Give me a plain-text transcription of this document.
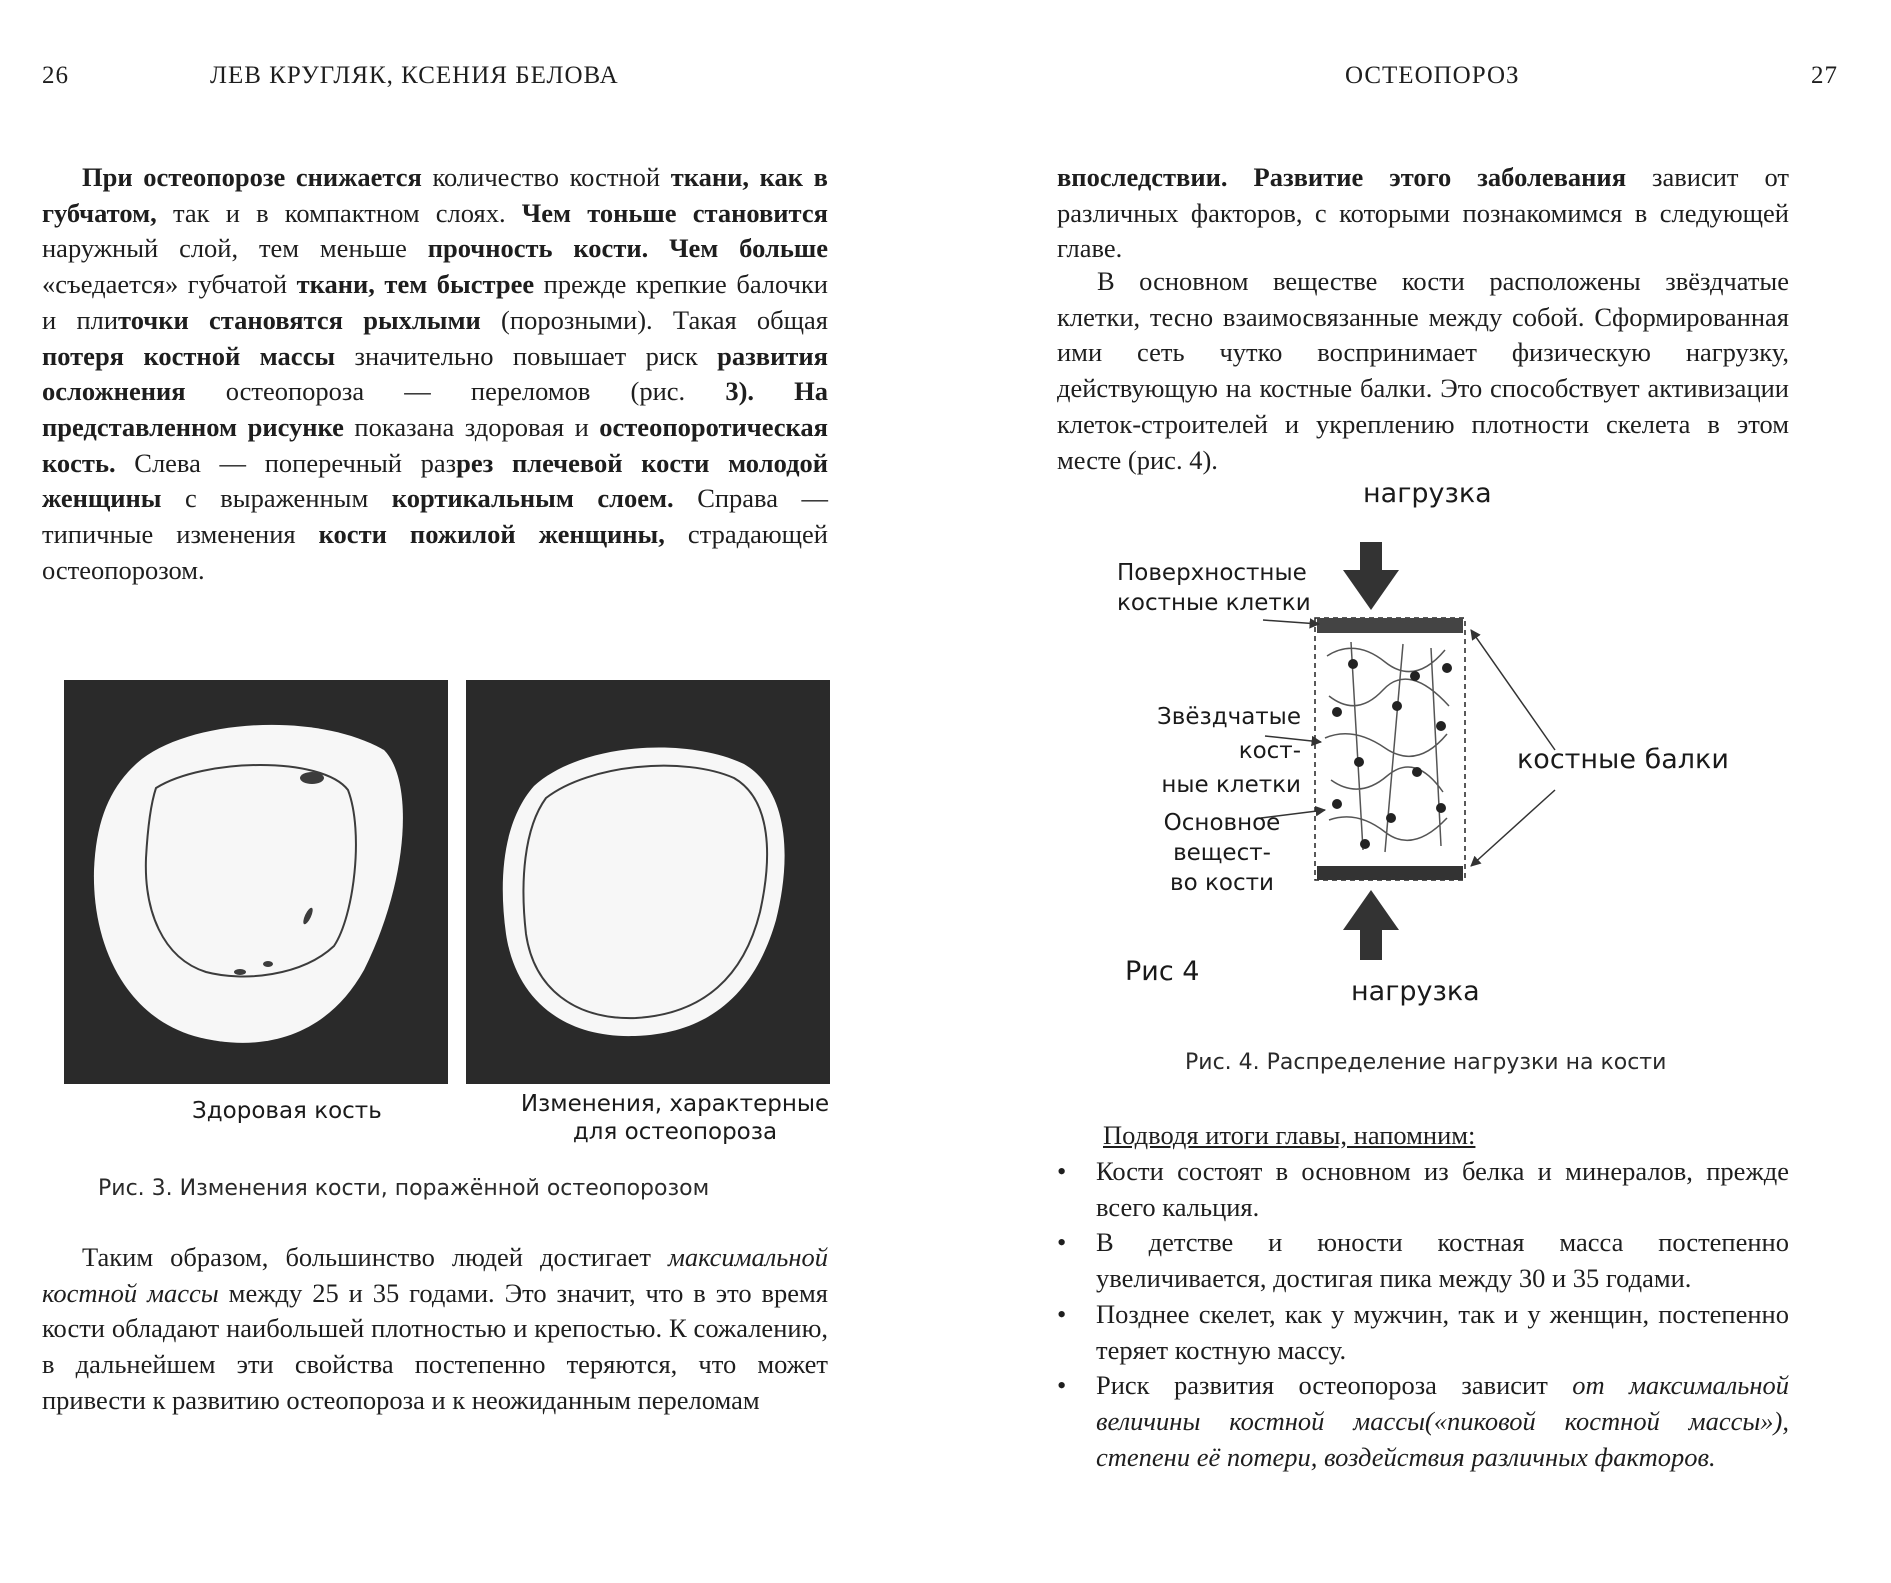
26	ЛЕВ КРУГЛЯК, КСЕНИЯ БЕЛОВА
При остеопорозе снижается количество костной ткани, как в губчатом, так и в компактном слоях. Чем тоньше становится наружный слой, тем меньше прочность кости. Чем больше «съедается» губчатой ткани, тем быстрее прежде крепкие балочки и плиточки становятся рыхлыми (порозными). Такая общая потеря костной массы значительно повышает риск развития осложнения остеопороза — переломов (рис. 3). На представленном рисунке показана здоровая и остеопоротическая кость. Слева — поперечный разрез плечевой кости молодой женщины с выраженным кортикальным слоем. Справа — типичные изменения кости пожилой женщины, страдающей остеопорозом.
Здоровая кость	Изменения, характерные
для остеопороза
Рис. 3. Изменения кости, поражённой остеопорозом
Таким образом, большинство людей достигает максимальной костной массы между 25 и 35 годами. Это значит, что в это время кости обладают наибольшей плотностью и крепостью. К сожалению, в дальнейшем эти свойства постепенно теряются, что может привести к развитию остеопороза и к неожиданным переломам
ОСТЕОПОРОЗ	27
впоследствии. Развитие этого заболевания зависит от различных факторов, с которыми познакомимся в следующей главе.
В основном веществе кости расположены звёздчатые клетки, тесно взаимосвязанные между собой. Сформированная ими сеть чутко воспринимает физическую нагрузку, действующую на костные балки. Это способствует активизации клеток-строителей и укреплению плотности скелета в этом месте (рис. 4).
нагрузка
нагрузка
Поверхностные
костные клетки
Звёздчатые кост-
ные клетки
Основное вещест-
во кости
костные балки
Рис 4
Рис. 4. Распределение нагрузки на кости
Подводя итоги главы, напомним:
• Кости состоят в основном из белка и минералов, прежде всего кальция.
• В детстве и юности костная масса постепенно увеличивается, достигая пика между 30 и 35 годами.
• Позднее скелет, как у мужчин, так и у женщин, постепенно теряет костную массу.
• Риск развития остеопороза зависит от максимальной величины костной массы(«пиковой костной массы»), степени её потери, воздействия различных факторов.
